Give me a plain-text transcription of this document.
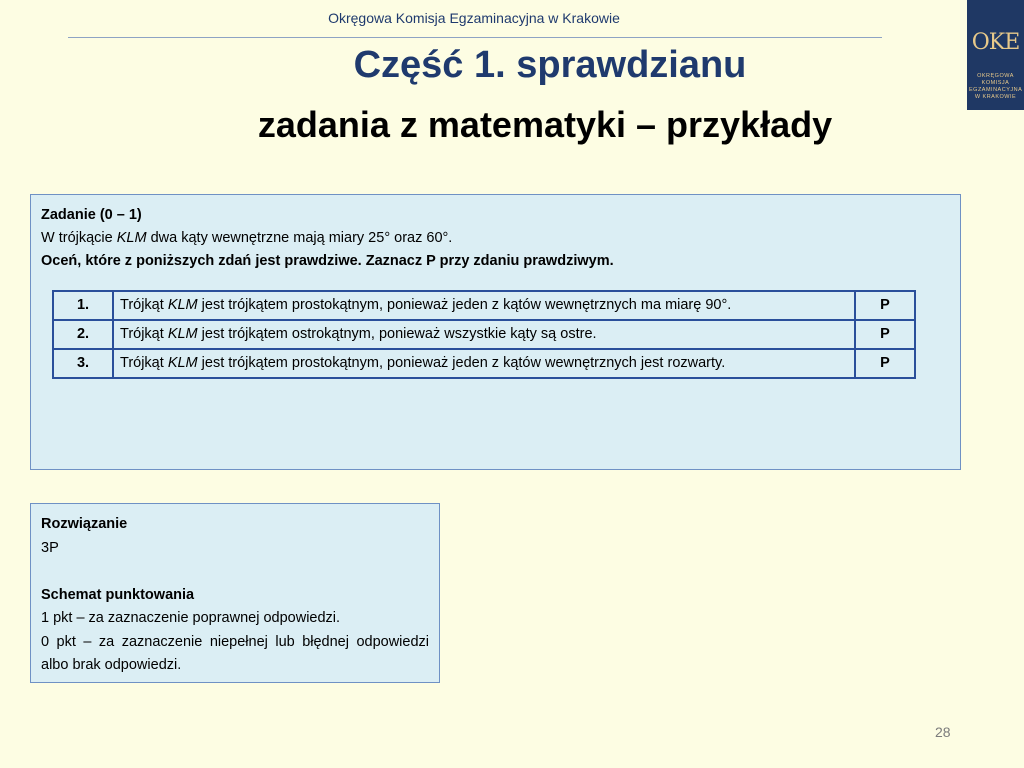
Okręgowa Komisja Egzaminacyjna w Krakowie
OKE
OKRĘGOWA
KOMISJA
EGZAMINACYJNA
W KRAKOWIE
Część 1. sprawdzianu
zadania z matematyki – przykłady
Zadanie (0 – 1)
W trójkącie KLM dwa kąty wewnętrzne mają miary 25° oraz 60°.
Oceń, które z poniższych zdań jest prawdziwe. Zaznacz P przy zdaniu prawdziwym.
1.	Trójkąt KLM jest trójkątem prostokątnym, ponieważ jeden z kątów wewnętrznych ma miarę 90°.	P
2.	Trójkąt KLM jest trójkątem ostrokątnym, ponieważ wszystkie kąty są ostre.	P
3.	Trójkąt KLM jest trójkątem prostokątnym, ponieważ jeden z kątów wewnętrznych jest rozwarty.	P
Rozwiązanie
3P
Schemat punktowania
1 pkt – za zaznaczenie poprawnej odpowiedzi.
0 pkt – za zaznaczenie niepełnej lub błędnej odpowiedzi albo brak odpowiedzi.
28
